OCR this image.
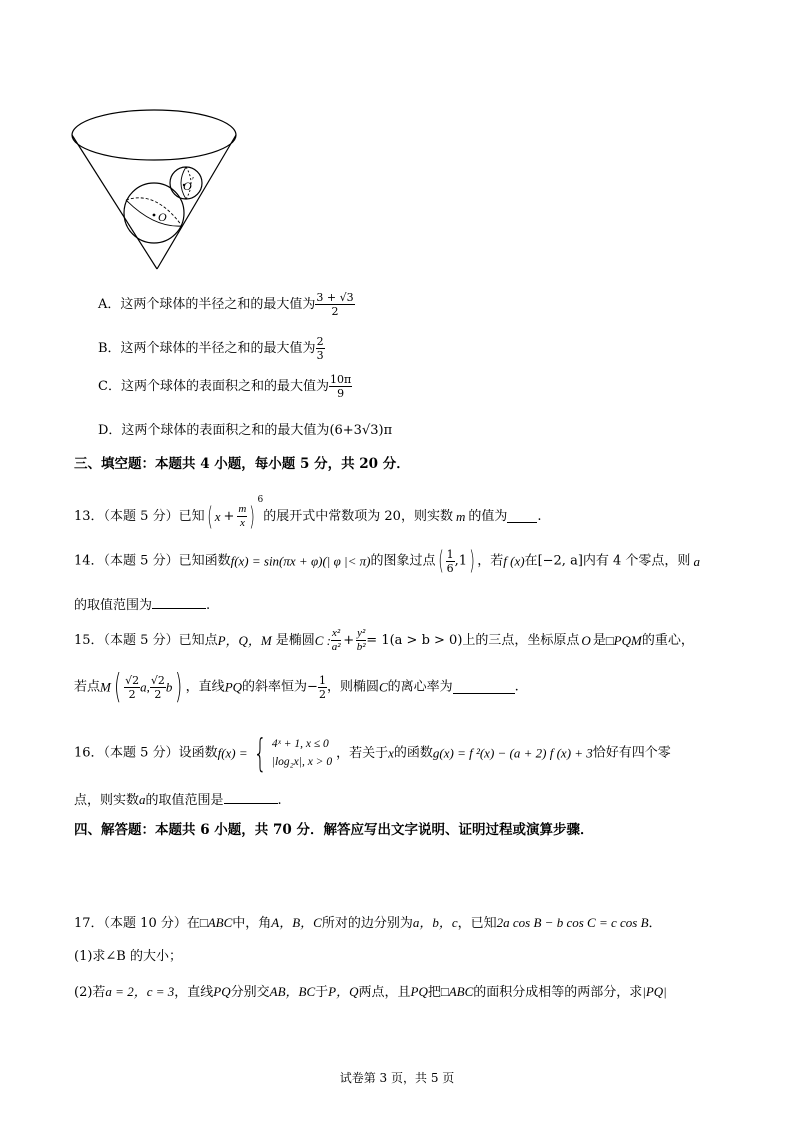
O ′
O
A．这两个球体的半径之和的最大值为 $\frac{3 + √3}{2}$
B．这两个球体的半径之和的最大值为 $\frac{2}{3}$
C．这两个球体的表面积之和的最大值为 $\frac{10\pi}{9}$
D．这两个球体的表面积之和的最大值为(6+3√3)π
三、填空题：本题共 4 小题，每小题 5 分，共 20 分．
13．（本题 5 分）已知( $x + \frac{m}{x} )^6$的展开式中常数项为 20，则实数 m 的值为 .
14．（本题 5 分）已知函数f(x) = sin(πx + φ)(| φ |< π)的图象过点( $\frac{1}{6} ,1$) ，若f (x)在[−2, a]内有 4 个零点，则 a
的取值范围为	.
15．（本题 5 分）已知点P，Q，M 是椭圆C : $\frac{\text{x²}}{\text{a²}} + \frac{\text{y²}}{\text{b²}} = 1(a > b > 0)$上的三点，坐标原点 O 是□PQM的重心，
若点$M( \frac{√2}{2} a$, $\frac{√2}{2} b$) ，直线PQ的斜率恒为− $\frac{1}{2}$ ，则椭圆C的离心率为	.
16．（本题 5 分）设函数f(x) = { 4ˣ + 1, x ≤ 0
|log₂x|, x > 0
，若关于x的函数g(x) = f ²(x) − (a + 2) f (x) + 3恰好有四个零
点，则实数a的取值范围是	.
四、解答题：本题共 6 小题，共 70 分．解答应写出文字说明、证明过程或演算步骤．
17．（本题 10 分）在□ABC中，角A，B，C所对的边分别为a，b，c，已知2a cos B − b cos C = c cos B．
(1)求∠B 的大小；
(2)若a = 2，c = 3，直线PQ分别交AB，BC于P，Q两点，且PQ把□ABC的面积分成相等的两部分，求|PQ|
试卷第 3 页，共 5 页
